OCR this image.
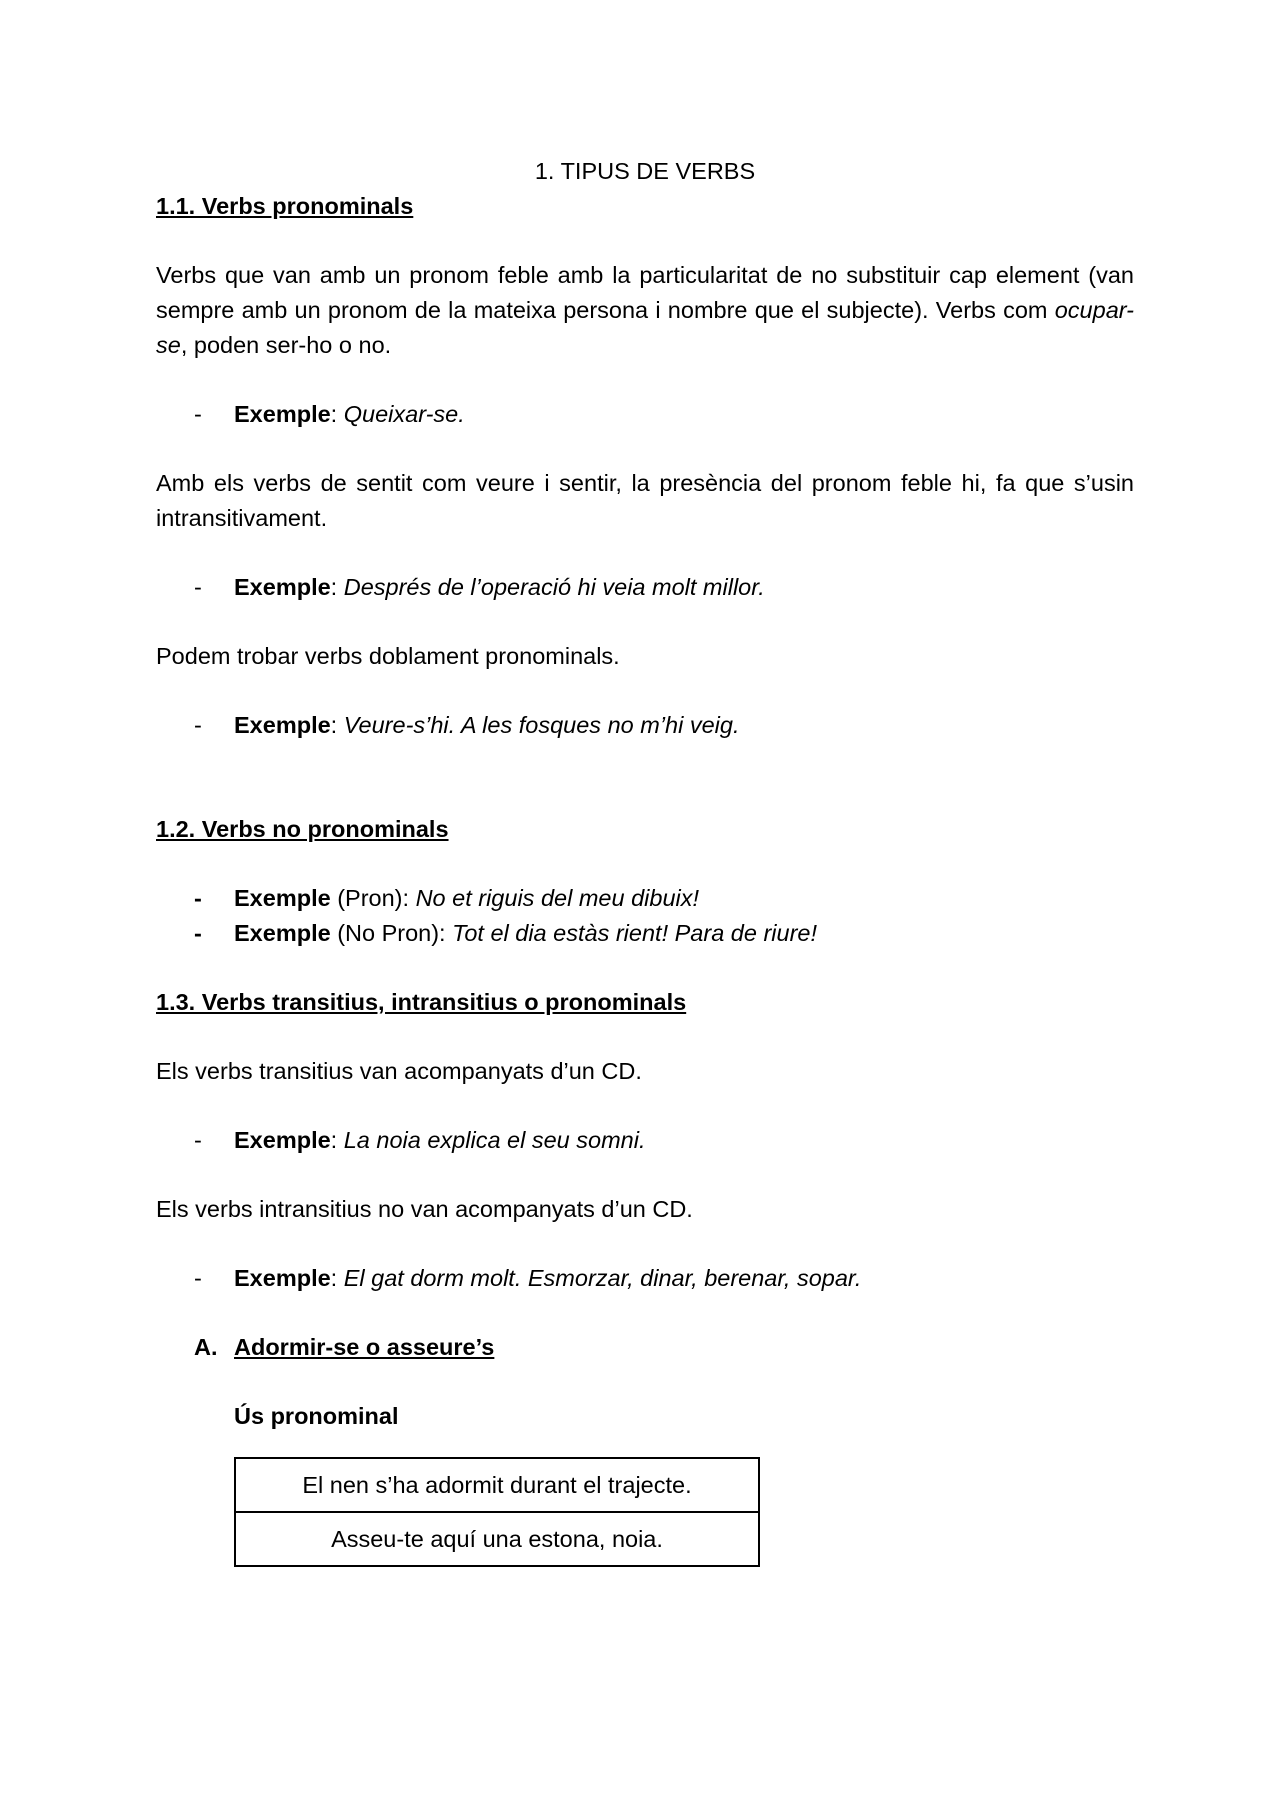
1. TIPUS DE VERBS

1.1. Verbs pronominals

Verbs que van amb un pronom feble amb la particularitat de no substituir cap element (van sempre amb un pronom de la mateixa persona i nombre que el subjecte). Verbs com ocupar-se, poden ser-ho o no.

- Exemple: Queixar-se.

Amb els verbs de sentit com veure i sentir, la presència del pronom feble hi, fa que s’usin intransitivament.

- Exemple: Després de l’operació hi veia molt millor.

Podem trobar verbs doblament pronominals.

- Exemple: Veure-s’hi. A les fosques no m’hi veig.

1.2. Verbs no pronominals

- Exemple (Pron): No et riguis del meu dibuix!
- Exemple (No Pron): Tot el dia estàs rient! Para de riure!

1.3. Verbs transitius, intransitius o pronominals

Els verbs transitius van acompanyats d’un CD.

- Exemple: La noia explica el seu somni.

Els verbs intransitius no van acompanyats d’un CD.

- Exemple: El gat dorm molt. Esmorzar, dinar, berenar, sopar.
A. Adormir-se o asseure’s

Ús pronominal

El nen s’ha adormit durant el trajecte.
Asseu-te aquí una estona, noia.
